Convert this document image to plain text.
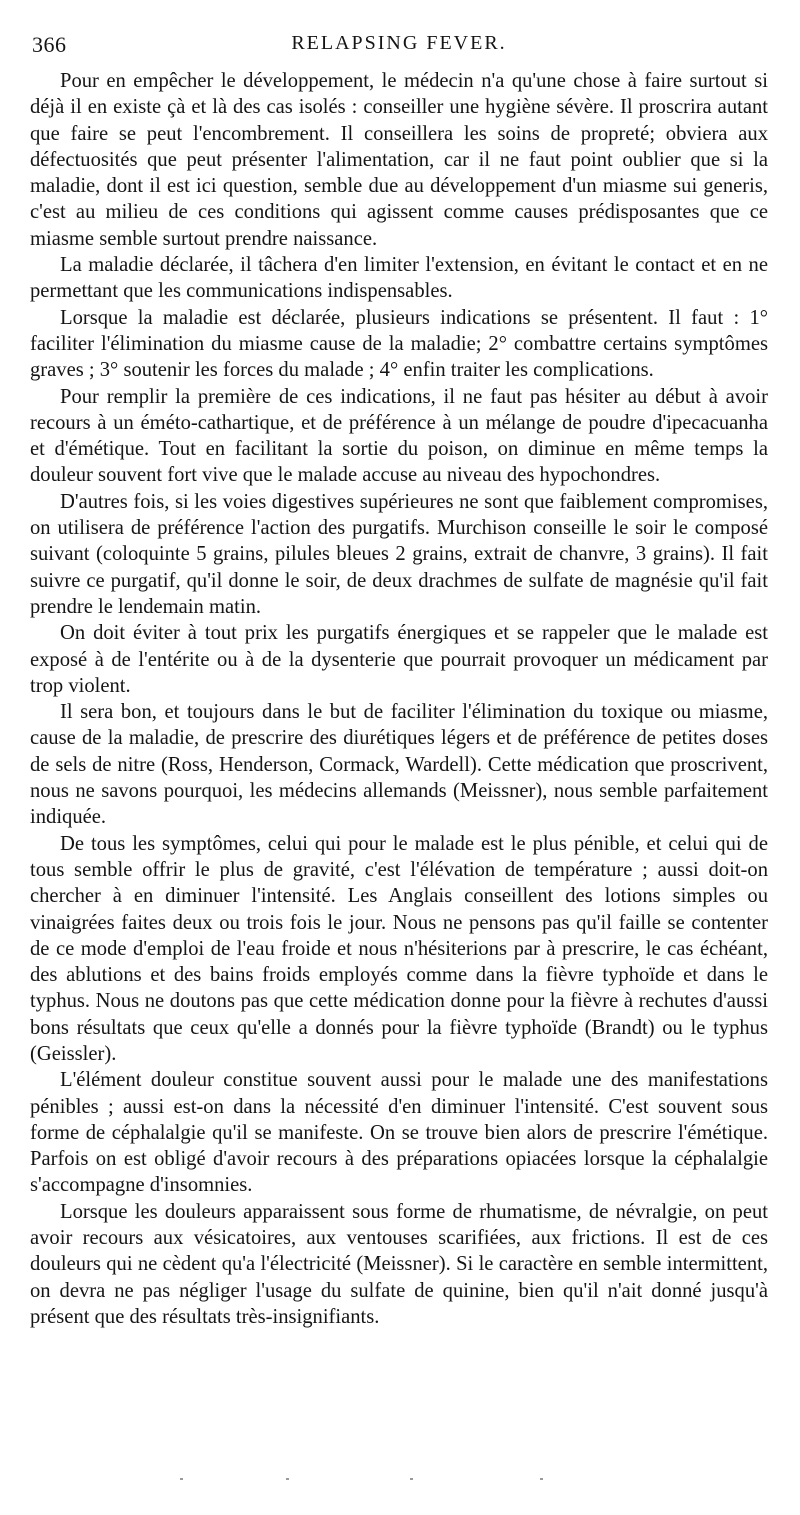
366	RELAPSING FEVER.

Pour en empêcher le développement, le médecin n'a qu'une chose à faire surtout si déjà il en existe çà et là des cas isolés : conseiller une hygiène sévère. Il proscrira autant que faire se peut l'encombrement. Il conseillera les soins de propreté; obviera aux défectuosités que peut présenter l'alimentation, car il ne faut point oublier que si la maladie, dont il est ici question, semble due au développement d'un miasme sui generis, c'est au milieu de ces conditions qui agissent comme causes prédisposantes que ce miasme semble surtout prendre naissance.

La maladie déclarée, il tâchera d'en limiter l'extension, en évitant le contact et en ne permettant que les communications indispensables.

Lorsque la maladie est déclarée, plusieurs indications se présentent. Il faut : 1° faciliter l'élimination du miasme cause de la maladie; 2° combattre certains symptômes graves ; 3° soutenir les forces du malade ; 4° enfin traiter les complications.

Pour remplir la première de ces indications, il ne faut pas hésiter au début à avoir recours à un éméto-cathartique, et de préférence à un mélange de poudre d'ipecacuanha et d'émétique. Tout en facilitant la sortie du poison, on diminue en même temps la douleur souvent fort vive que le malade accuse au niveau des hypochondres.

D'autres fois, si les voies digestives supérieures ne sont que faiblement compromises, on utilisera de préférence l'action des purgatifs. Murchison conseille le soir le composé suivant (coloquinte 5 grains, pilules bleues 2 grains, extrait de chanvre, 3 grains). Il fait suivre ce purgatif, qu'il donne le soir, de deux drachmes de sulfate de magnésie qu'il fait prendre le lendemain matin.

On doit éviter à tout prix les purgatifs énergiques et se rappeler que le malade est exposé à de l'entérite ou à de la dysenterie que pourrait provoquer un médicament par trop violent.

Il sera bon, et toujours dans le but de faciliter l'élimination du toxique ou miasme, cause de la maladie, de prescrire des diurétiques légers et de préférence de petites doses de sels de nitre (Ross, Henderson, Cormack, Wardell). Cette médication que proscrivent, nous ne savons pourquoi, les médecins allemands (Meissner), nous semble parfaitement indiquée.

De tous les symptômes, celui qui pour le malade est le plus pénible, et celui qui de tous semble offrir le plus de gravité, c'est l'élévation de température ; aussi doit-on chercher à en diminuer l'intensité. Les Anglais conseillent des lotions simples ou vinaigrées faites deux ou trois fois le jour. Nous ne pensons pas qu'il faille se contenter de ce mode d'emploi de l'eau froide et nous n'hésiterions par à prescrire, le cas échéant, des ablutions et des bains froids employés comme dans la fièvre typhoïde et dans le typhus. Nous ne doutons pas que cette médication donne pour la fièvre à rechutes d'aussi bons résultats que ceux qu'elle a donnés pour la fièvre typhoïde (Brandt) ou le typhus (Geissler).

L'élément douleur constitue souvent aussi pour le malade une des manifestations pénibles ; aussi est-on dans la nécessité d'en diminuer l'intensité. C'est souvent sous forme de céphalalgie qu'il se manifeste. On se trouve bien alors de prescrire l'émétique. Parfois on est obligé d'avoir recours à des préparations opiacées lorsque la céphalalgie s'accompagne d'insomnies.

Lorsque les douleurs apparaissent sous forme de rhumatisme, de névralgie, on peut avoir recours aux vésicatoires, aux ventouses scarifiées, aux frictions. Il est de ces douleurs qui ne cèdent qu'a l'électricité (Meissner). Si le caractère en semble intermittent, on devra ne pas négliger l'usage du sulfate de quinine, bien qu'il n'ait donné jusqu'à présent que des résultats très-insignifiants.
